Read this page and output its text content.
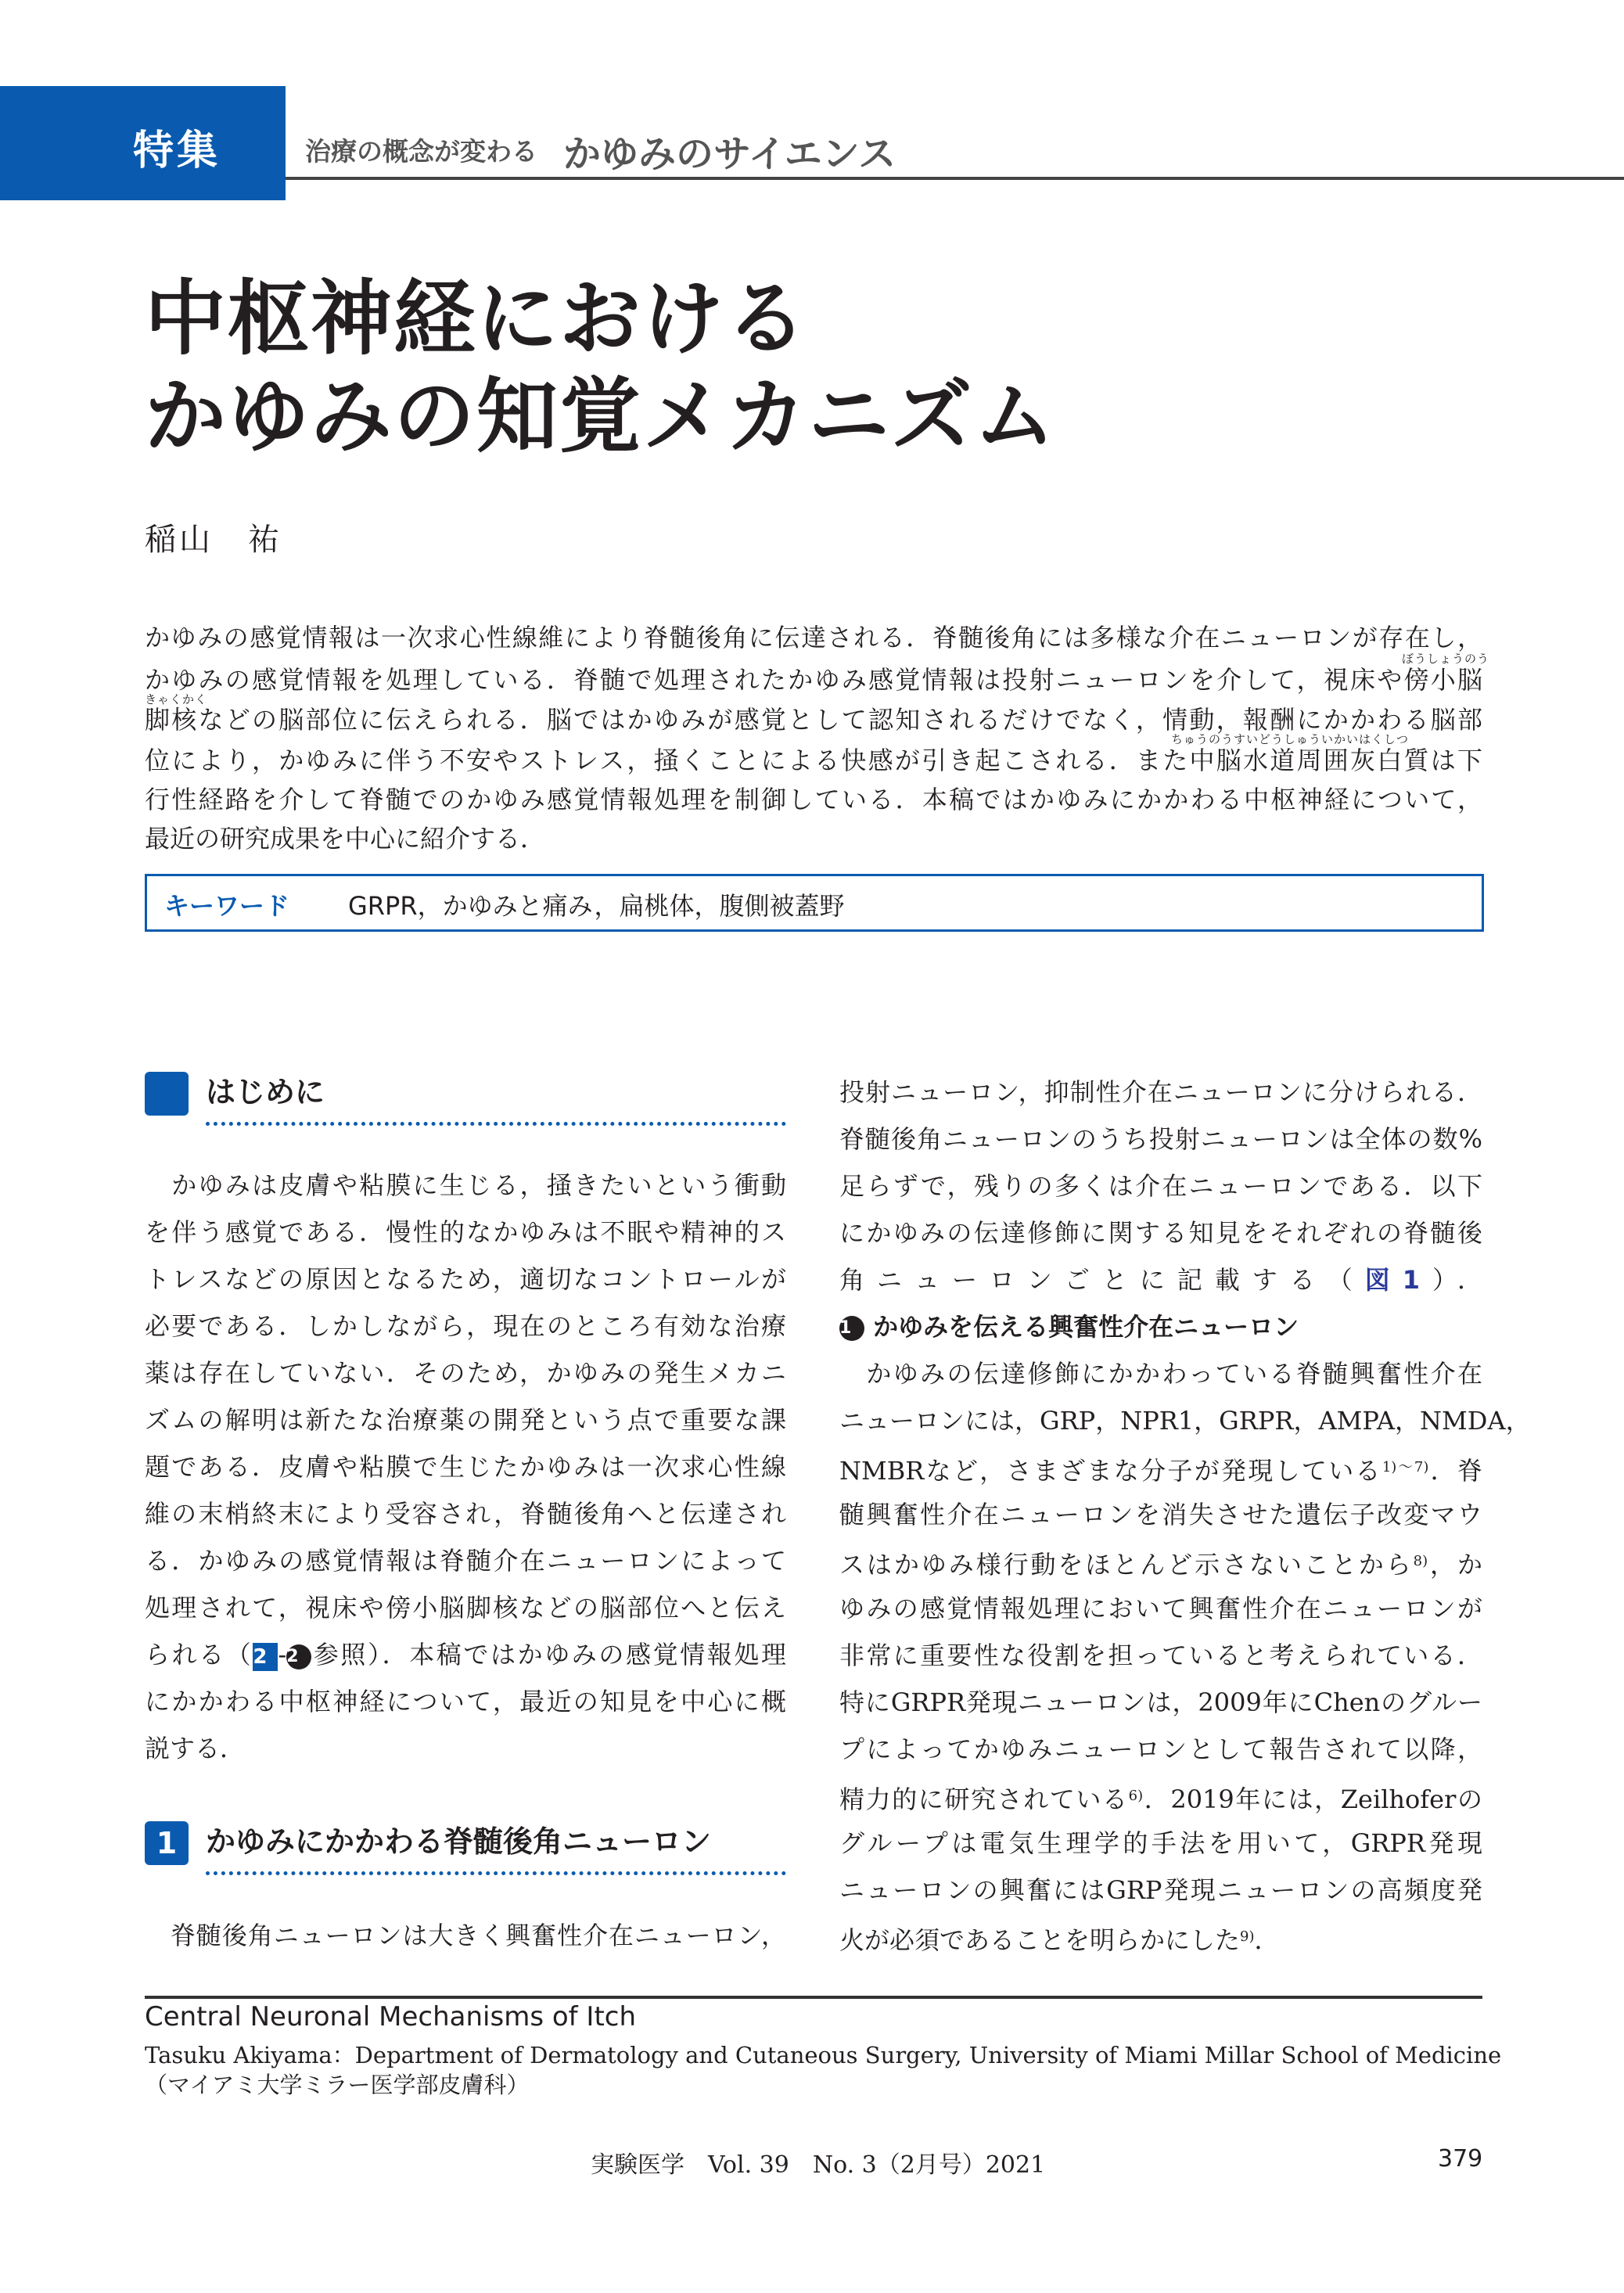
特集	治療の概念が変わる かゆみのサイエンス
中枢神経における
かゆみの知覚メカニズム
稲山　祐
かゆみの感覚情報は一次求心性線維により脊髄後角に伝達される．脊髄後角には多様な介在ニューロンが存在し，
かゆみの感覚情報を処理している．脊髄で処理されたかゆみ感覚情報は投射ニューロンを介して，視床や傍小脳
脚核などの脳部位に伝えられる．脳ではかゆみが感覚として認知されるだけでなく，情動，報酬にかかわる脳部
位により，かゆみに伴う不安やストレス，掻くことによる快感が引き起こされる．また中脳水道周囲灰白質は下
行性経路を介して脊髄でのかゆみ感覚情報処理を制御している．本稿ではかゆみにかかわる中枢神経について，
最近の研究成果を中心に紹介する．
ぼうしょうのう
きゃくかく
ちゅうのうすいどうしゅういかいはくしつ
キーワード GRPR，かゆみと痛み，扁桃体，腹側被蓋野
はじめに
　かゆみは皮膚や粘膜に生じる，掻きたいという衝動
を伴う感覚である．慢性的なかゆみは不眠や精神的ス
トレスなどの原因となるため，適切なコントロールが
必要である．しかしながら，現在のところ有効な治療
薬は存在していない．そのため，かゆみの発生メカニ
ズムの解明は新たな治療薬の開発という点で重要な課
題である．皮膚や粘膜で生じたかゆみは一次求心性線
維の末梢終末により受容され，脊髄後角へと伝達され
る．かゆみの感覚情報は脊髄介在ニューロンによって
処理されて，視床や傍小脳脚核などの脳部位へと伝え
られる（2 -2 参照）．本稿ではかゆみの感覚情報処理
にかかわる中枢神経について，最近の知見を中心に概
説する．
1 かゆみにかかわる脊髄後角ニューロン
　脊髄後角ニューロンは大きく興奮性介在ニューロン，
投射ニューロン，抑制性介在ニューロンに分けられる．
脊髄後角ニューロンのうち投射ニューロンは全体の数%
足らずで，残りの多くは介在ニューロンである．以下
にかゆみの伝達修飾に関する知見をそれぞれの脊髄後
角ニューロンごとに記載する（図1）．
1 かゆみを伝える興奮性介在ニューロン
　かゆみの伝達修飾にかかわっている脊髄興奮性介在
ニューロンには，GRP，NPR1，GRPR，AMPA，NMDA，
NMBRなど，さまざまな分子が発現している$^{1)\sim 7)}$．脊
髄興奮性介在ニューロンを消失させた遺伝子改変マウ
スはかゆみ様行動をほとんど示さないことから$^{8)}$，か
ゆみの感覚情報処理において興奮性介在ニューロンが
非常に重要性な役割を担っていると考えられている．
特にGRPR発現ニューロンは，2009年にChenのグルー
プによってかゆみニューロンとして報告されて以降，
精力的に研究されている$^{6)}$．2019年には，Zeilhoferの
グループは電気生理学的手法を用いて，GRPR発現
ニューロンの興奮にはGRP発現ニューロンの高頻度発
火が必須であることを明らかにした$^{9)}$．
Central Neuronal Mechanisms of Itch
Tasuku Akiyama：Department of Dermatology and Cutaneous Surgery, University of Miami Millar School of Medicine
（マイアミ大学ミラー医学部皮膚科）
実験医学　Vol. 39　No. 3（2月号）2021	379
